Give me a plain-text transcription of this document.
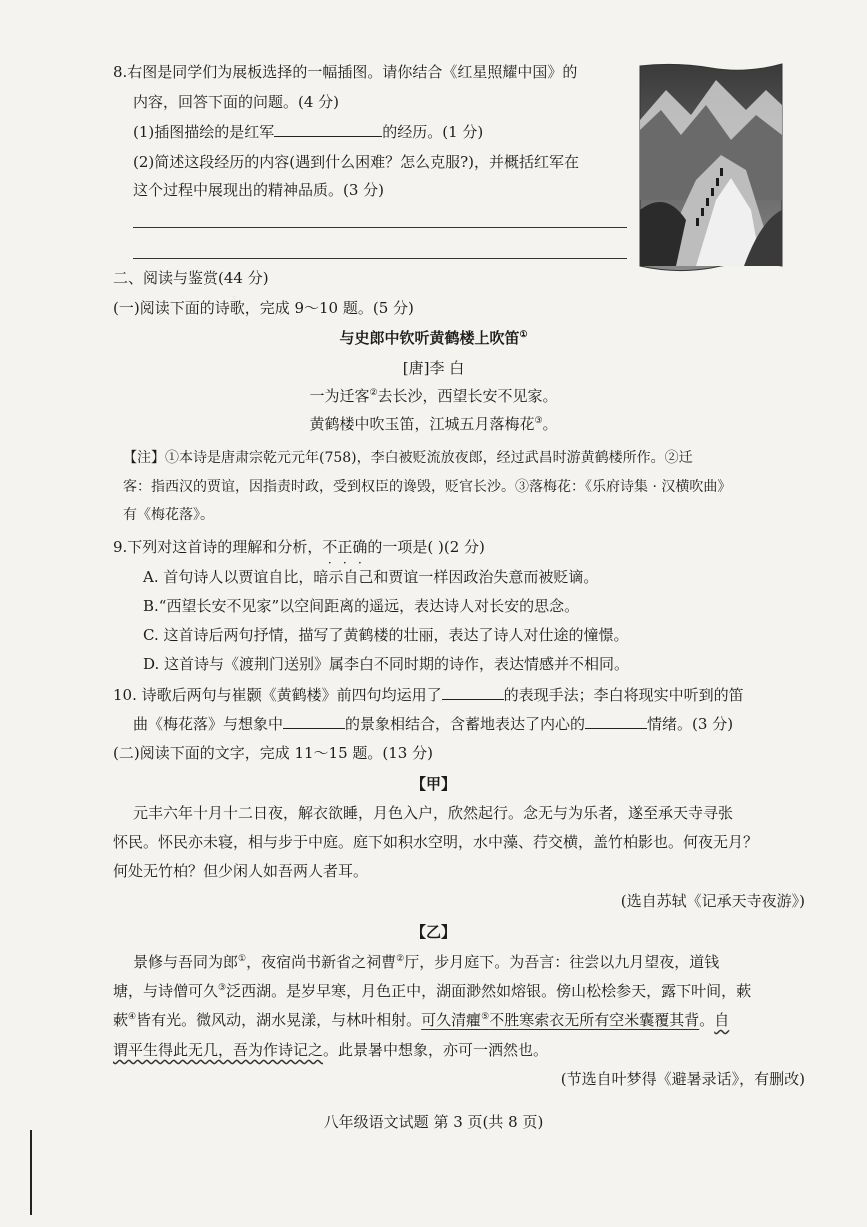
8.右图是同学们为展板选择的一幅插图。请你结合《红星照耀中国》的
内容，回答下面的问题。(4 分)
(1)插图描绘的是红军	的经历。(1 分)
(2)简述这段经历的内容(遇到什么困难？怎么克服?)，并概括红军在
这个过程中展现出的精神品质。(3 分)
二、阅读与鉴赏(44 分)
(一)阅读下面的诗歌，完成 9～10 题。(5 分)
与史郎中钦听黄鹤楼上吹笛①
[唐]李 白
一为迁客②去长沙，西望长安不见家。
黄鹤楼中吹玉笛，江城五月落梅花③。
【注】①本诗是唐肃宗乾元元年(758)，李白被贬流放夜郎，经过武昌时游黄鹤楼所作。②迁
客：指西汉的贾谊，因指责时政，受到权臣的谗毁，贬官长沙。③落梅花：《乐府诗集 · 汉横吹曲》
有《梅花落》。
9.下列对这首诗的理解和分析，不正确的一项是( )(2 分)
A. 首句诗人以贾谊自比，暗示自己和贾谊一样因政治失意而被贬谪。
B.“西望长安不见家”以空间距离的遥远，表达诗人对长安的思念。
C. 这首诗后两句抒情，描写了黄鹤楼的壮丽，表达了诗人对仕途的憧憬。
D. 这首诗与《渡荆门送别》属李白不同时期的诗作，表达情感并不相同。
10. 诗歌后两句与崔颢《黄鹤楼》前四句均运用了	的表现手法；李白将现实中听到的笛
曲《梅花落》与想象中	的景象相结合，含蓄地表达了内心的	情绪。(3 分)
(二)阅读下面的文字，完成 11～15 题。(13 分)
【甲】
元丰六年十月十二日夜，解衣欲睡，月色入户，欣然起行。念无与为乐者，遂至承天寺寻张
怀民。怀民亦未寝，相与步于中庭。庭下如积水空明，水中藻、荇交横，盖竹柏影也。何夜无月？
何处无竹柏？但少闲人如吾两人者耳。
(选自苏轼《记承天寺夜游》)
【乙】
景修与吾同为郎①，夜宿尚书新省之祠曹②厅，步月庭下。为吾言：往尝以九月望夜，道钱
塘，与诗僧可久③泛西湖。是岁早寒，月色正中，湖面渺然如熔银。傍山松桧参天，露下叶间，蔌
蔌④皆有光。微风动，湖水晃漾，与林叶相射。可久清癯⑤不胜寒索衣无所有空米囊覆其背。自
谓平生得此无几，吾为作诗记之。此景暑中想象，亦可一洒然也。
(节选自叶梦得《避暑录话》，有删改)
八年级语文试题 第 3 页(共 8 页)
